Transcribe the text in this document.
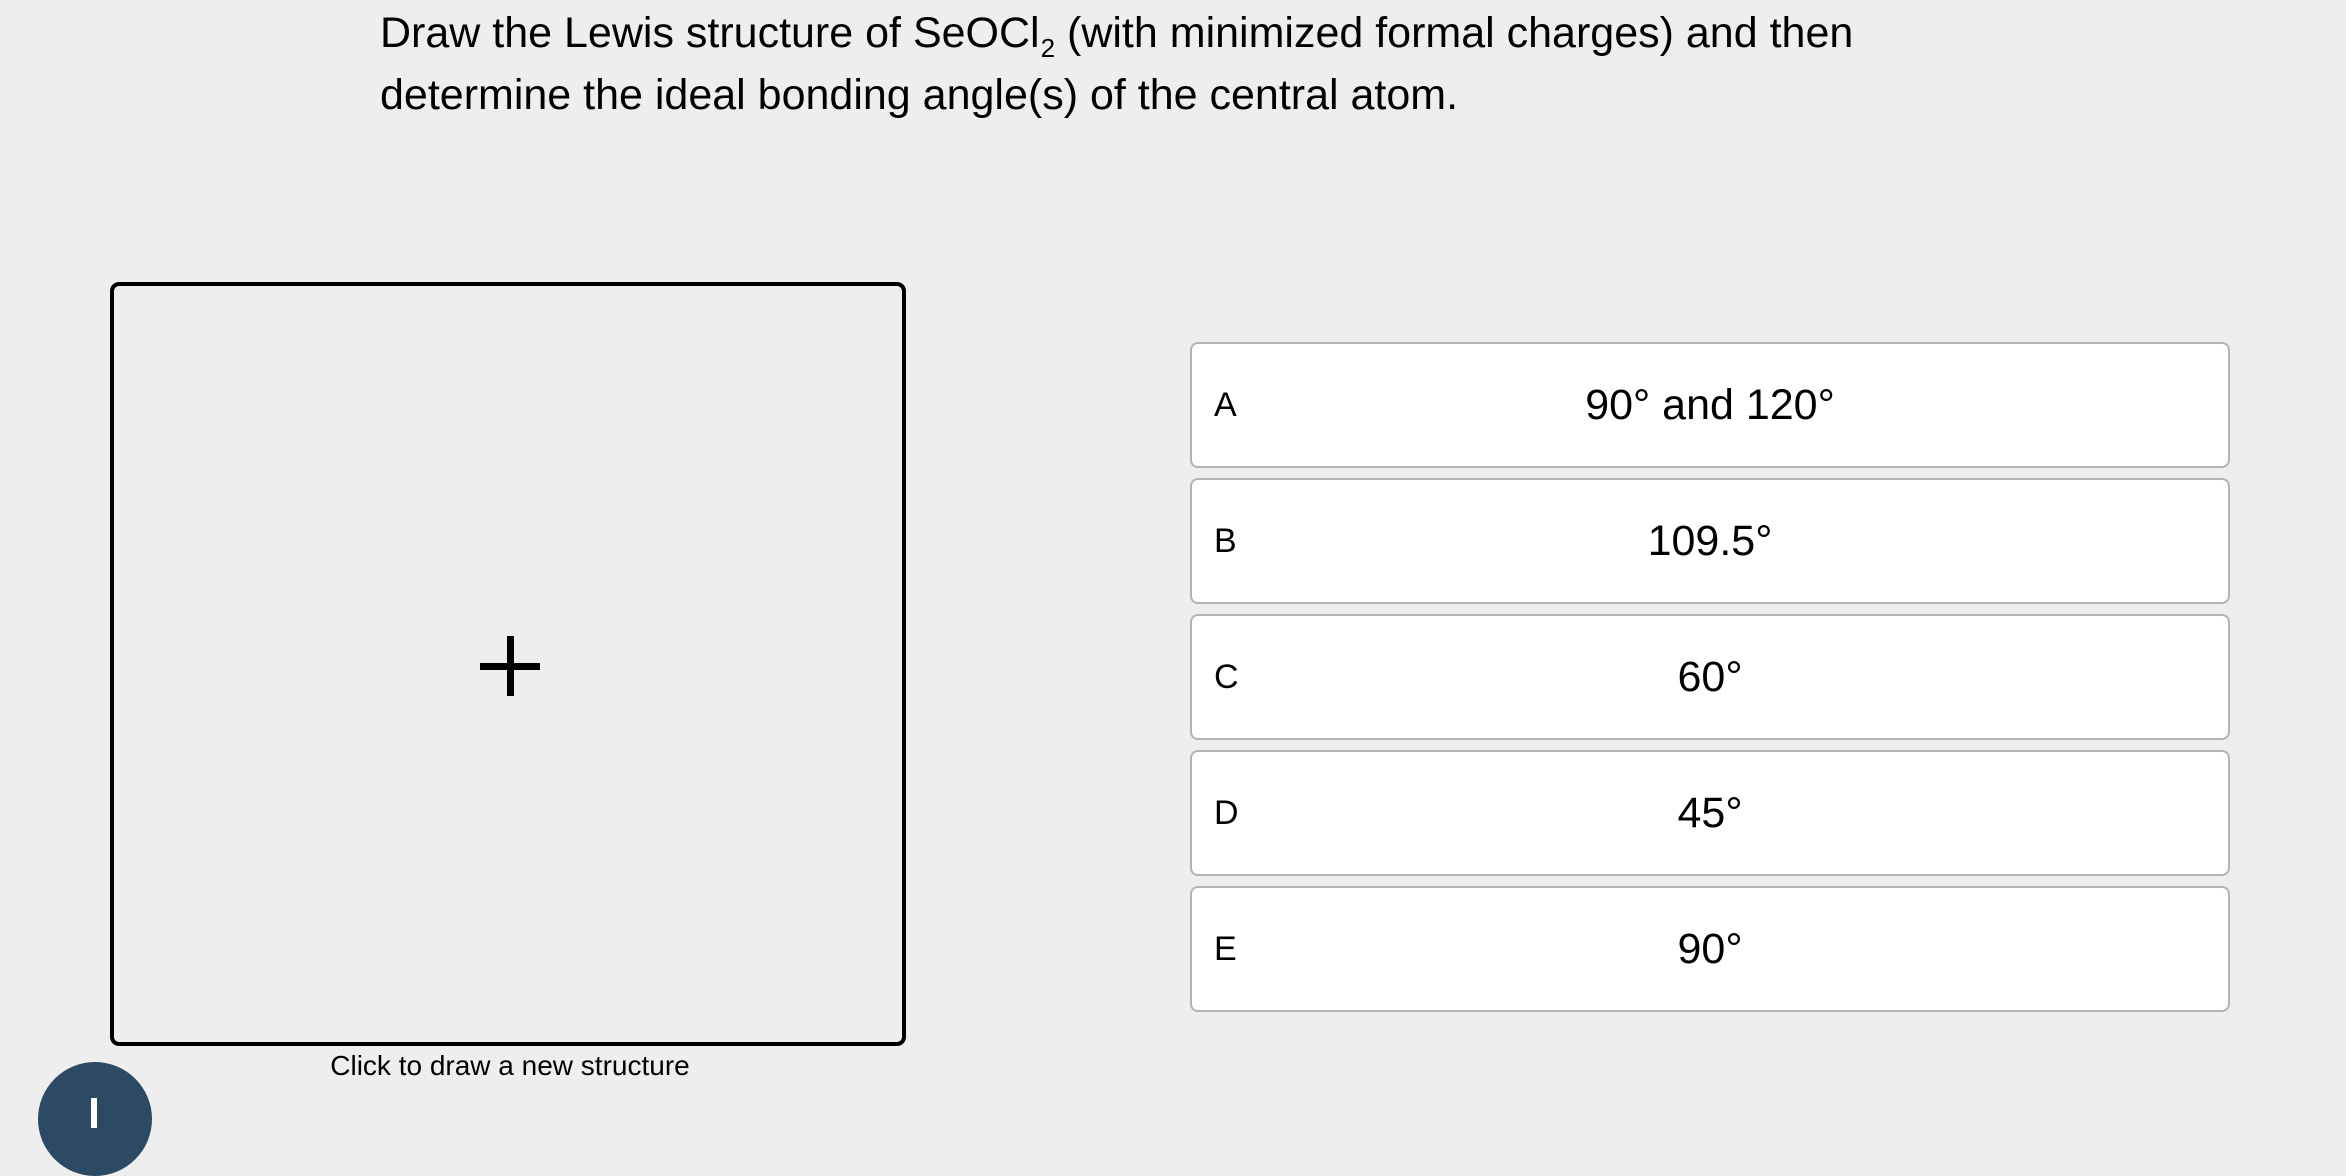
Draw the Lewis structure of SeOCl$_2$ (with minimized formal charges) and then
determine the ideal bonding angle(s) of the central atom.
Click to draw a new structure
A	90° and 120°
B	109.5°
C	60°
D	45°
E	90°
